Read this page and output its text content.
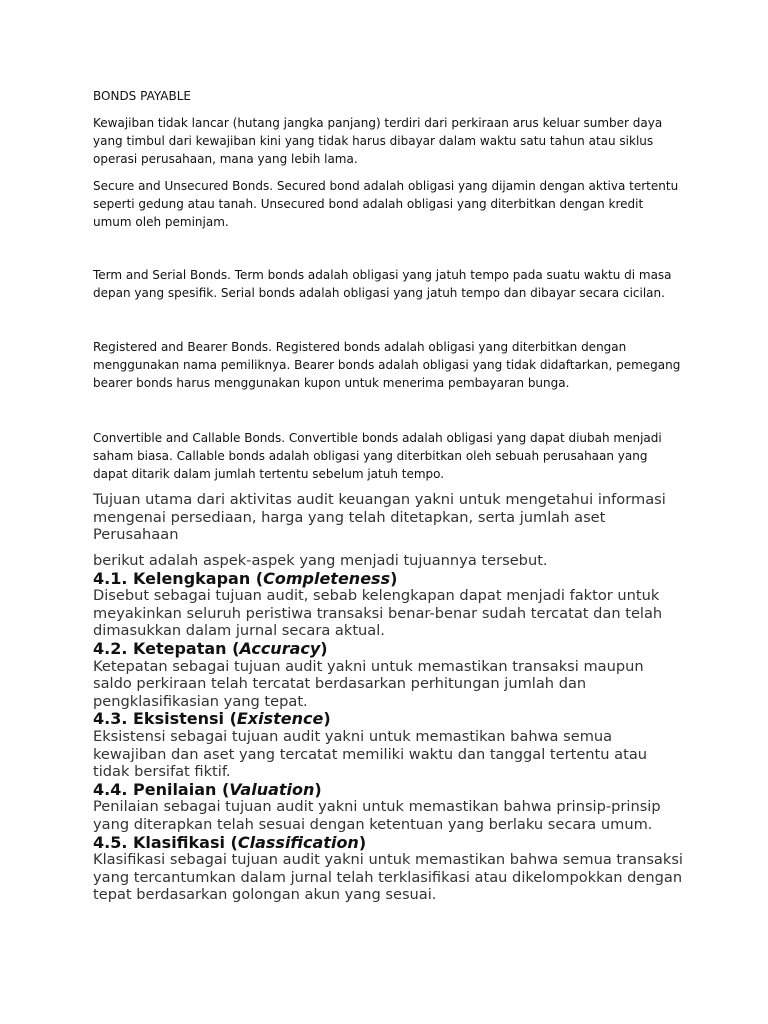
BONDS PAYABLE

Kewajiban tidak lancar (hutang jangka panjang) terdiri dari perkiraan arus keluar sumber daya yang timbul dari kewajiban kini yang tidak harus dibayar dalam waktu satu tahun atau siklus operasi perusahaan, mana yang lebih lama.

Secure and Unsecured Bonds. Secured bond adalah obligasi yang dijamin dengan aktiva tertentu seperti gedung atau tanah. Unsecured bond adalah obligasi yang diterbitkan dengan kredit umum oleh peminjam.

Term and Serial Bonds. Term bonds adalah obligasi yang jatuh tempo pada suatu waktu di masa depan yang spesifik. Serial bonds adalah obligasi yang jatuh tempo dan dibayar secara cicilan.

Registered and Bearer Bonds. Registered bonds adalah obligasi yang diterbitkan dengan menggunakan nama pemiliknya. Bearer bonds adalah obligasi yang tidak didaftarkan, pemegang bearer bonds harus menggunakan kupon untuk menerima pembayaran bunga.

Convertible and Callable Bonds. Convertible bonds adalah obligasi yang dapat diubah menjadi saham biasa. Callable bonds adalah obligasi yang diterbitkan oleh sebuah perusahaan yang dapat ditarik dalam jumlah tertentu sebelum jatuh tempo.

Tujuan utama dari aktivitas audit keuangan yakni untuk mengetahui informasi mengenai persediaan, harga yang telah ditetapkan, serta jumlah aset Perusahaan

berikut adalah aspek-aspek yang menjadi tujuannya tersebut.

4.1. Kelengkapan (Completeness)

Disebut sebagai tujuan audit, sebab kelengkapan dapat menjadi faktor untuk meyakinkan seluruh peristiwa transaksi benar-benar sudah tercatat dan telah dimasukkan dalam jurnal secara aktual.

4.2. Ketepatan (Accuracy)

Ketepatan sebagai tujuan audit yakni untuk memastikan transaksi maupun saldo perkiraan telah tercatat berdasarkan perhitungan jumlah dan pengklasifikasian yang tepat.

4.3. Eksistensi (Existence)

Eksistensi sebagai tujuan audit yakni untuk memastikan bahwa semua kewajiban dan aset yang tercatat memiliki waktu dan tanggal tertentu atau tidak bersifat fiktif.

4.4. Penilaian (Valuation)

Penilaian sebagai tujuan audit yakni untuk memastikan bahwa prinsip-prinsip yang diterapkan telah sesuai dengan ketentuan yang berlaku secara umum.

4.5. Klasifikasi (Classification)

Klasifikasi sebagai tujuan audit yakni untuk memastikan bahwa semua transaksi yang tercantumkan dalam jurnal telah terklasifikasi atau dikelompokkan dengan tepat berdasarkan golongan akun yang sesuai.
